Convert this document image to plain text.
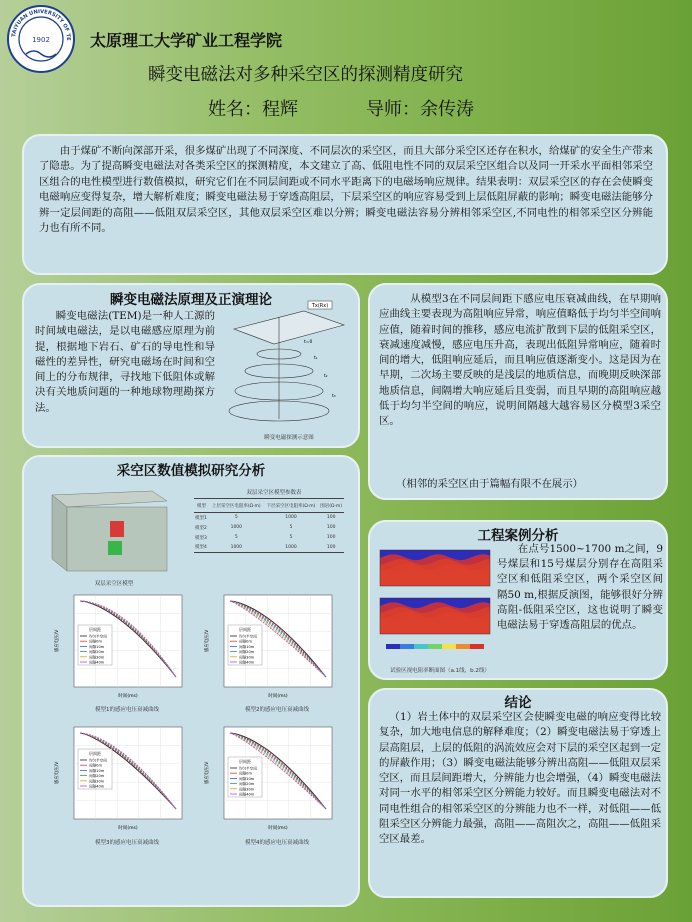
TAIYUAN UNIVERSITY OF TE
1902	太原理工大学矿业工程学院
瞬变电磁法对多种采空区的探测精度研究
姓名：程辉	导师：余传涛
由于煤矿不断向深部开采，很多煤矿出现了不同深度、不同层次的采空区，而且大部分采空区还存在积水，给煤矿的安全生产带来了隐患。为了提高瞬变电磁法对各类采空区的探测精度，本文建立了高、低阻电性不同的双层采空区组合以及同一开采水平面相邻采空区组合的电性模型进行数值模拟，研究它们在不同层间距或不同水平距离下的电磁场响应规律。结果表明：双层采空区的存在会使瞬变电磁响应变得复杂，增大解析难度；瞬变电磁法易于穿透高阻层，下层采空区的响应容易受到上层低阻屏蔽的影响；瞬变电磁法能够分辨一定层间距的高阻——低阻双层采空区，其他双层采空区难以分辨；瞬变电磁法容易分辨相邻采空区,不同电性的相邻采空区分辨能力也有所不同。
瞬变电磁法原理及正演理论
瞬变电磁法(TEM)是一种人工源的时间域电磁法，是以电磁感应原理为前提，根据地下岩石、矿石的导电性和导磁性的差异性，研究电磁场在时间和空间上的分布规律，寻找地下低阻体或解决有关地质问题的一种地球物理勘探方法。
Tx(Rx)
t=0
t₁
t₂
t₃
瞬变电磁探测示意图
从模型3在不同层间距下感应电压衰减曲线，在早期响应曲线主要表现为高阻响应异常，响应值略低于均匀半空间响应值，随着时间的推移，感应电流扩散到下层的低阻采空区，衰减速度减慢，感应电压升高，表现出低阻异常响应，随着时间的增大，低阻响应延后，而且响应值逐渐变小。这是因为在早期，二次场主要反映的是浅层的地质信息，而晚期反映深部地质信息，间隔增大响应延后且变弱，而且早期的高阻响应越低于均匀半空间的响应，说明间隔越大越容易区分模型3采空区。
（相邻的采空区由于篇幅有限不在展示）
采空区数值模拟研究分析
双层采空区模型
双层采空区模型参数表
模型	上层采空区电阻率(Ω·m)	下层采空区电阻率(Ω·m)	围岩(Ω·m)
模型1	5	1000	100
模型2	1000	5	100
模型3	5	5	100
模型4	1000	1000	100
感应电压/V
时间(ms)
层间距
均匀半空间
间隔0m
间隔10m
间隔20m
间隔30m
间隔40m
模型1的感应电压衰减曲线
感应电压/V
时间(ms)
层间距
均匀半空间
间隔0m
间隔10m
间隔20m
间隔30m
间隔40m
模型2的感应电压衰减曲线
感应电压/V
时间(ms)
层间距
均匀半空间
间隔0m
间隔10m
间隔20m
间隔30m
间隔40m
模型3的感应电压衰减曲线
感应电压/V
时间(ms)
层间距
均匀半空间
间隔0m
间隔10m
间隔20m
间隔30m
间隔40m
模型4的感应电压衰减曲线
工程案例分析
试验区视电阻率断面图（a.1线，b.2线）
在点号1500~1700 m之间，9号煤层和15号煤层分别存在高阻采空区和低阻采空区，两个采空区间隔50 m,根据反演图，能够很好分辨高阻-低阻采空区，这也说明了瞬变电磁法易于穿透高阻层的优点。
结论
（1）岩土体中的双层采空区会使瞬变电磁的响应变得比较复杂，加大地电信息的解释难度；（2）瞬变电磁法易于穿透上层高阻层，上层的低阻的涡流效应会对下层的采空区起到一定的屏蔽作用；（3）瞬变电磁法能够分辨出高阻——低阻双层采空区，而且层间距增大，分辨能力也会增强，（4）瞬变电磁法对同一水平的相邻采空区分辨能力较好。而且瞬变电磁法对不同电性组合的相邻采空区的分辨能力也不一样，对低阻——低阻采空区分辨能力最强，高阻——高阻次之，高阻——低阻采空区最差。
